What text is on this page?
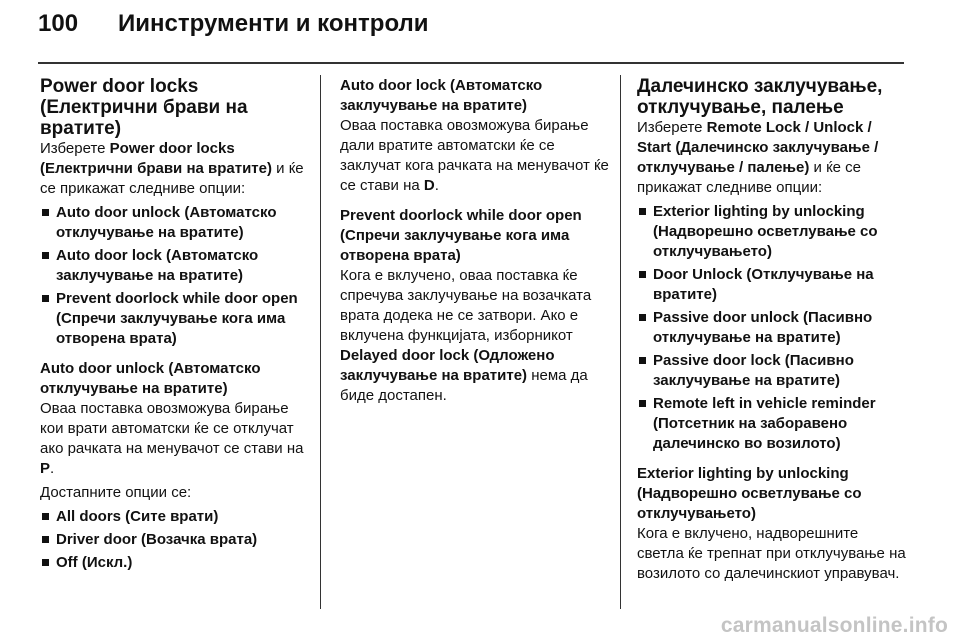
100 Иинструменти и контроли
Power door locks (Електрични брави на вратите)

Изберете Power door locks (Електрични брави на вратите) и ќе се прикажат следниве опции:

Auto door unlock (Автоматско отклучување на вратите)
Auto door lock (Автоматско заклучување на вратите)
Prevent doorlock while door open (Спречи заклучување кога има отворена врата)
Auto door unlock (Автоматско отклучување на вратите)

Оваа поставка овозможува бирање кои врати автоматски ќе се отклучат ако рачката на менувачот се стави на P.

Достапните опции се:

All doors (Сите врати)
Driver door (Возачка врата)
Off (Искл.)
Auto door lock (Автоматско заклучување на вратите)

Оваа поставка овозможува бирање дали вратите автоматски ќе се заклучат кога рачката на менувачот ќе се стави на D.

Prevent doorlock while door open (Спречи заклучување кога има отворена врата)

Кога е вклучено, оваа поставка ќе спречува заклучување на возачката врата додека не се затвори. Ако е вклучена функцијата, изборникот Delayed door lock (Одложено заклучување на вратите) нема да биде достапен.

Далечинско заклучување, отклучување, палење

Изберете Remote Lock / Unlock / Start (Далечинско заклучување / отклучување / палење) и ќе се прикажат следниве опции:

Exterior lighting by unlocking (Надворешно осветлување со отклучувањето)
Door Unlock (Отклучување на вратите)
Passive door unlock (Пасивно отклучување на вратите)
Passive door lock (Пасивно заклучување на вратите)
Remote left in vehicle reminder (Потсетник на заборавено далечинско во возилото)
Exterior lighting by unlocking (Надворешно осветлување со отклучувањето)

Кога е вклучено, надворешните светла ќе трепнат при отклучување на возилото со далечинскиот управувач.

carmanualsonline.info
